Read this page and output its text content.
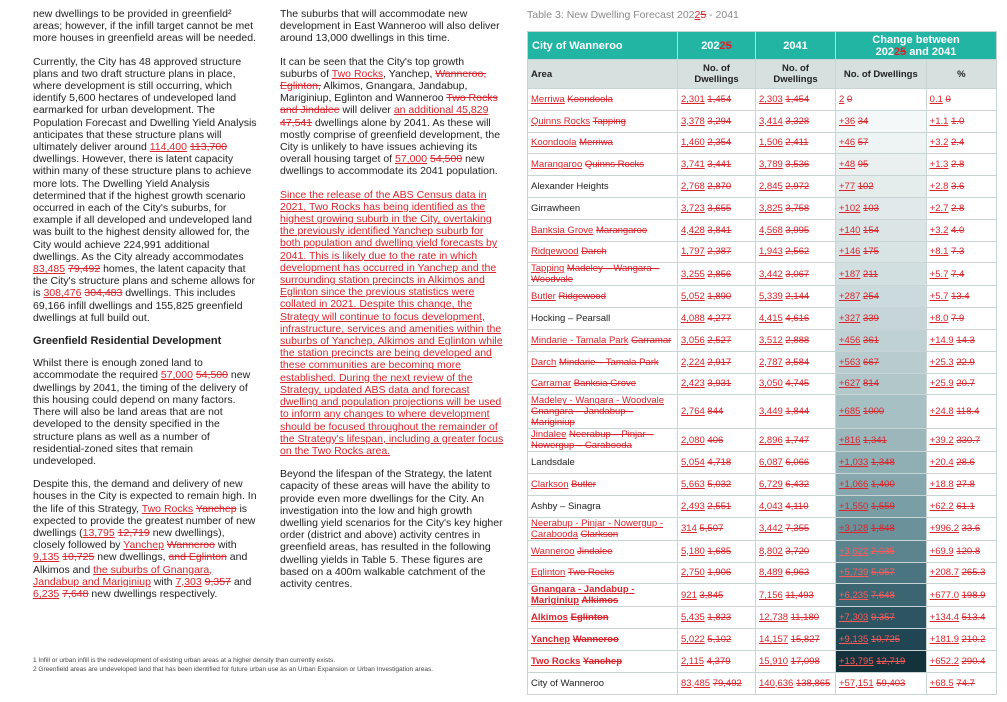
new dwellings to be provided in greenfield² areas; however, if the infill target cannot be met more houses in greenfield areas will be needed.

Currently, the City has 48 approved structure plans and two draft structure plans in place, where development is still occurring, which identify 5,600 hectares of undeveloped land earmarked for urban development. The Population Forecast and Dwelling Yield Analysis anticipates that these structure plans will ultimately deliver around 114,400 113,700 dwellings. However, there is latent capacity within many of these structure plans to achieve more lots. The Dwelling Yield Analysis determined that if the highest growth scenario occurred in each of the City's suburbs, for example if all developed and undeveloped land was built to the highest density allowed for, the City would achieve 224,991 additional dwellings. As the City already accommodates 83,485 79,492 homes, the latent capacity that the City's structure plans and scheme allows for is 308,476 304,483 dwellings. This includes 69,166 infill dwellings and 155,825 greenfield dwellings at full build out.

Greenfield Residential Development

Whilst there is enough zoned land to accommodate the required 57,000 54,500 new dwellings by 2041, the timing of the delivery of this housing could depend on many factors. There will also be land areas that are not developed to the density specified in the structure plans as well as a number of residential-zoned sites that remain undeveloped.

Despite this, the demand and delivery of new houses in the City is expected to remain high. In the life of this Strategy, Two Rocks Yanchep is expected to provide the greatest number of new dwellings (13,795 12,719 new dwellings), closely followed by Yanchep Wanneroo with 9,135 10,725 new dwellings, and Eglinton and Alkimos and the suburbs of Gnangara, Jandabup and Mariginiup with 7,303 9,357 and 6,235 7,648 new dwellings respectively.

The suburbs that will accommodate new development in East Wanneroo will also deliver around 13,000 dwellings in this time.

It can be seen that the City's top growth suburbs of Two Rocks, Yanchep, Wanneroo, Eglinton, Alkimos, Gnangara, Jandabup, Mariginiup, Eglinton and Wanneroo Two Rocks and Jindalee will deliver an additional 45,829 47,541 dwellings alone by 2041. As these will mostly comprise of greenfield development, the City is unlikely to have issues achieving its overall housing target of 57,000 54,500 new dwellings to accommodate its 2041 population.

Since the release of the ABS Census data in 2021, Two Rocks has being identified as the highest growing suburb in the City, overtaking the previously identified Yanchep suburb for both population and dwelling yield forecasts by 2041. This is likely due to the rate in which development has occurred in Yanchep and the surrounding station precincts in Alkimos and Eglinton since the previous statistics were collated in 2021. Despite this change, the Strategy will continue to focus development, infrastructure, services and amenities within the suburbs of Yanchep, Alkimos and Eglinton while the station precincts are being developed and these communities are becoming more established. During the next review of the Strategy, updated ABS data and forecast dwelling and population projections will be used to inform any changes to where development should be focused throughout the remainder of the Strategy's lifespan, including a greater focus on the Two Rocks area.

Beyond the lifespan of the Strategy, the latent capacity of these areas will have the ability to provide even more dwellings for the City. An investigation into the low and high growth dwelling yield scenarios for the City's key higher order (district and above) activity centres in greenfield areas, has resulted in the following dwelling yields in Table 5. These figures are based on a 400m walkable catchment of the activity centres.

1 Infill or urban infill is the redevelopment of existing urban areas at a higher density than currently exists.
2 Greenfield areas are undeveloped land that has been identified for future urban use as an Urban Expansion or Urban Investigation areas.
Table 3: New Dwelling Forecast 20225 - 2041
City of Wanneroo	20225	2041	Change between
20225 and 2041	

Area	No. of Dwellings	No. of Dwellings	No. of Dwellings	%
Merriwa Koondoola	2,301 1,454	2,303 1,454	2 0	0.1 0
Quinns Rocks Tapping	3,378 3,294	3,414 3,328	+36 34	+1.1 1.0
Koondoola Merriwa	1,460 2,354	1,506 2,411	+46 57	+3.2 2.4
Marangaroo Quinns Rocks	3,741 3,441	3,789 3,536	+48 95	+1.3 2.8
Alexander Heights	2,768 2,870	2,845 2,972	+77 102	+2.8 3.6
Girrawheen	3,723 3,655	3,825 3,758	+102 103	+2.7 2.8
Banksia Grove Marangaroo	4,428 3,841	4,568 3,995	+140 154	+3.2 4.0
Ridgewood Darch	1,797 2,387	1,943 2,562	+146 175	+8.1 7.3
Tapping Madeley – Wangara – Woodvale	3,255 2,856	3,442 3,067	+187 211	+5.7 7.4
Butler Ridgewood	5,052 1,890	5,339 2,144	+287 254	+5.7 13.4
Hocking – Pearsall	4,088 4,277	4,415 4,616	+327 339	+8.0 7.9
Mindarie - Tamala Park Carramar	3,056 2,527	3,512 2,888	+456 361	+14.9 14.3
Darch Mindarie – Tamala Park	2,224 2,917	2,787 3,584	+563 667	+25.3 22.9
Carramar Banksia Grove	2,423 3,931	3,050 4,745	+627 814	+25.9 20.7
Madeley - Wangara - Woodvale Gnangara – Jandabup – Mariginiup	2,764 844	3,449 1,844	+685 1000	+24.8 118.4
Jindalee Neerabup – Pinjar – Nowergup – Carabooda	2,080 406	2,896 1,747	+816 1,341	+39.2 330.7
Landsdale	5,054 4,718	6,087 6,066	+1,033 1,348	+20.4 28.6
Clarkson Butler	5,663 5,032	6,729 6,432	+1,066 1,400	+18.8 27.8
Ashby – Sinagra	2,493 2,551	4,043 4,110	+1,550 1,559	+62.2 61.1
Neerabup - Pinjar - Nowergup - Carabooda Clarkson	314 5,507	3,442 7,355	+3,128 1,848	+996.2 33.6
Wanneroo Jindalee	5,180 1,685	8,802 3,720	+3,622 2,035	+69.9 120.8
Eglinton Two Rocks	2,750 1,906	8,489 6,963	+5,739 5,057	+208.7 265.3
Gnangara - Jandabup - Mariginiup Alkimos	921 3,845	7,156 11,493	+6,235 7,648	+677.0 198.9
Alkimos Eglinton	5,435 1,823	12,738 11,180	+7,303 9,357	+134.4 513.4
Yanchep Wanneroo	5,022 5,102	14,157 15,827	+9,135 10,725	+181.9 210.2
Two Rocks Yanchep	2,115 4,379	15,910 17,098	+13,795 12,719	+652.2 290.4
City of Wanneroo	83,485 79,492	140,636 138,865	+57,151 59,403	+68.5 74.7
